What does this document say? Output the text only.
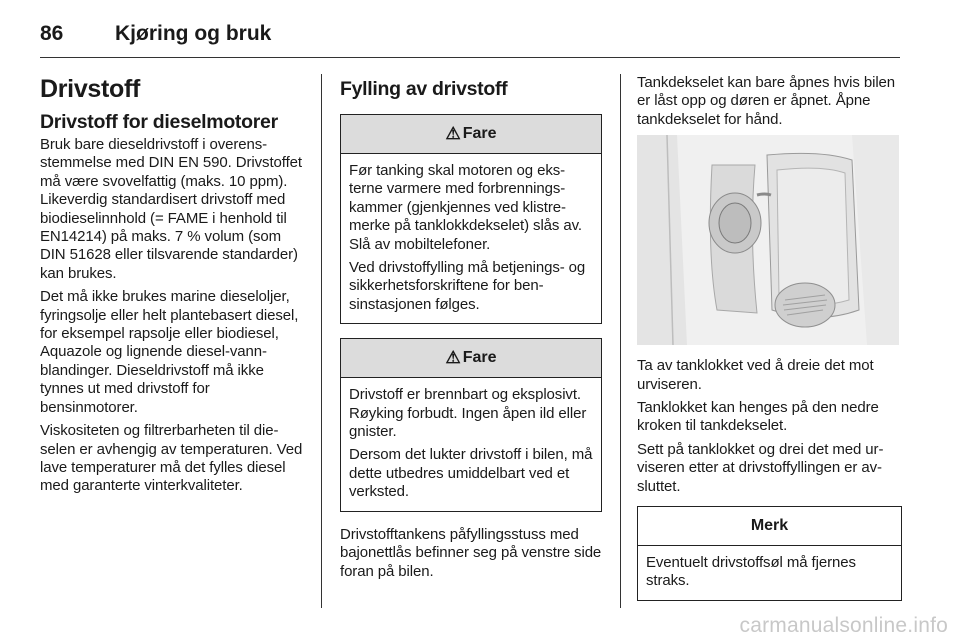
86 Kjøring og bruk
Drivstoff
Drivstoff for dieselmotorer

Bruk bare dieseldrivstoff i overensstemmelse med DIN EN 590. Drivstoffet må være svovelfattig (maks. 10 ppm). Likeverdig standardisert drivstoff med biodieselinnhold (= FAME i henhold til EN14214) på maks. 7 % volum (som DIN 51628 eller tilsvarende standarder) kan brukes.

Det må ikke brukes marine dieseloljer, fyringsolje eller helt plantebasert diesel, for eksempel rapsolje eller biodiesel, Aquazole og lignende diesel-vann-blandinger. Dieseldrivstoff må ikke tynnes ut med drivstoff for bensinmotorer.

Viskositeten og filtrerbarheten til dieselen er avhengig av temperaturen. Ved lave temperaturer må det fylles diesel med garanterte vinterkvaliteter.

Fylling av drivstoff
⚠ Fare

Før tanking skal motoren og eksterne varmere med forbrenningskammer (gjenkjennes ved klistremerke på tanklokkdekselet) slås av. Slå av mobiltelefoner.

Ved drivstoffylling må betjenings- og sikkerhetsforskriftene for bensinstasjonen følges.

⚠ Fare

Drivstoff er brennbart og eksplosivt. Røyking forbudt. Ingen åpen ild eller gnister.

Dersom det lukter drivstoff i bilen, må dette utbedres umiddelbart ved et verksted.

Drivstofftankens påfyllingsstuss med bajonettlås befinner seg på venstre side foran på bilen.

Tankdekselet kan bare åpnes hvis bilen er låst opp og døren er åpnet. Åpne tankdekselet for hånd.

Ta av tanklokket ved å dreie det mot urviseren.

Tanklokket kan henges på den nedre kroken til tankdekselet.

Sett på tanklokket og drei det med urviseren etter at drivstoffyllingen er avsluttet.

Merk

Eventuelt drivstoffsøl må fjernes straks.

carmanualsonline.info
